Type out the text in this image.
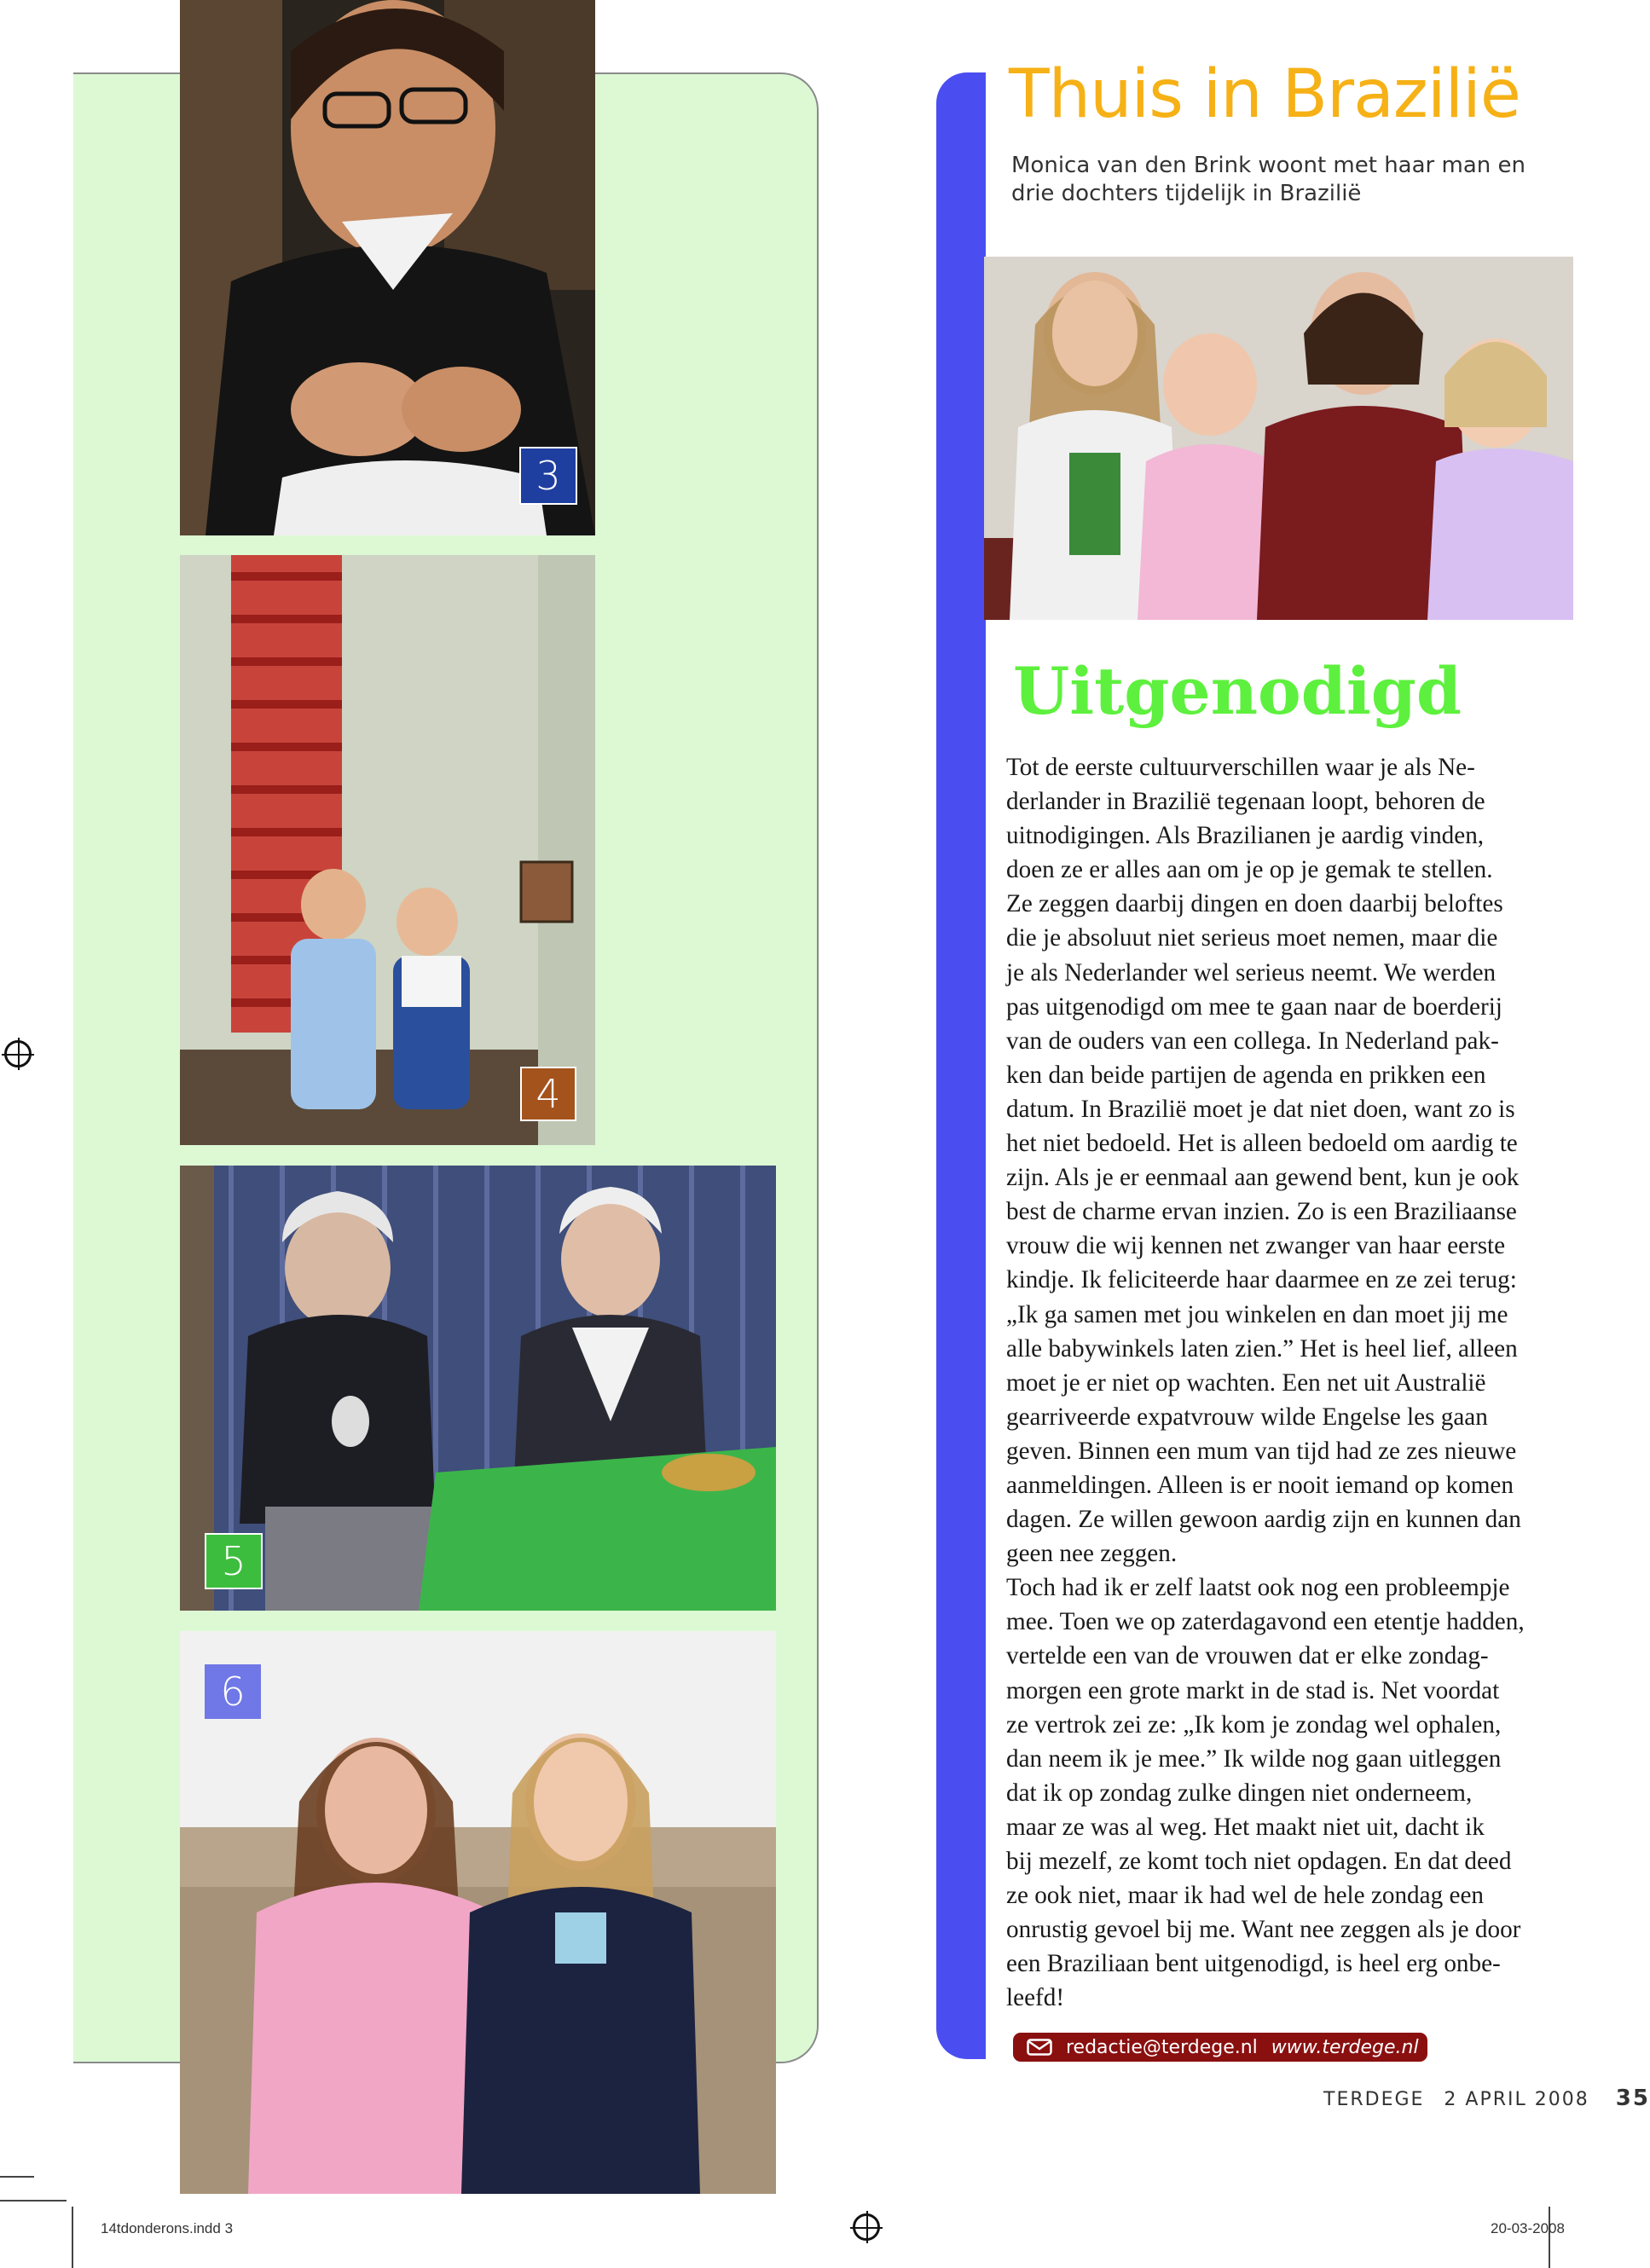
3
4
5
6
Thuis in Brazilië
Monica van den Brink woont met haar man en drie dochters tijdelijk in Brazilië
Uitgenodigd

Tot de eerste cultuurverschillen waar je als Ne-

derlander in Brazilië tegenaan loopt, behoren de

uitnodigingen. Als Brazilianen je aardig vinden,

doen ze er alles aan om je op je gemak te stellen.

Ze zeggen daarbij dingen en doen daarbij beloftes

die je absoluut niet serieus moet nemen, maar die

je als Nederlander wel serieus neemt. We werden

pas uitgenodigd om mee te gaan naar de boerderij

van de ouders van een collega. In Nederland pak-

ken dan beide partijen de agenda en prikken een

datum. In Brazilië moet je dat niet doen, want zo is

het niet bedoeld. Het is alleen bedoeld om aardig te

zijn. Als je er eenmaal aan gewend bent, kun je ook

best de charme ervan inzien. Zo is een Braziliaanse

vrouw die wij kennen net zwanger van haar eerste

kindje. Ik feliciteerde haar daarmee en ze zei terug:

„Ik ga samen met jou winkelen en dan moet jij me

alle babywinkels laten zien.” Het is heel lief, alleen

moet je er niet op wachten. Een net uit Australië

gearriveerde expatvrouw wilde Engelse les gaan

geven. Binnen een mum van tijd had ze zes nieuwe

aanmeldingen. Alleen is er nooit iemand op komen

dagen. Ze willen gewoon aardig zijn en kunnen dan

geen nee zeggen.

Toch had ik er zelf laatst ook nog een probleempje

mee. Toen we op zaterdagavond een etentje hadden,

vertelde een van de vrouwen dat er elke zondag-

morgen een grote markt in de stad is. Net voordat

ze vertrok zei ze: „Ik kom je zondag wel ophalen,

dan neem ik je mee.” Ik wilde nog gaan uitleggen

dat ik op zondag zulke dingen niet onderneem,

maar ze was al weg. Het maakt niet uit, dacht ik

bij mezelf, ze komt toch niet opdagen. En dat deed

ze ook niet, maar ik had wel de hele zondag een

onrustig gevoel bij me. Want nee zeggen als je door

een Braziliaan bent uitgenodigd, is heel erg onbe-

leefd!

redactie@terdege.nl www.terdege.nl
TERDEGE 2 APRIL 2008 35
14tdonderons.indd 3	20-03-2008
